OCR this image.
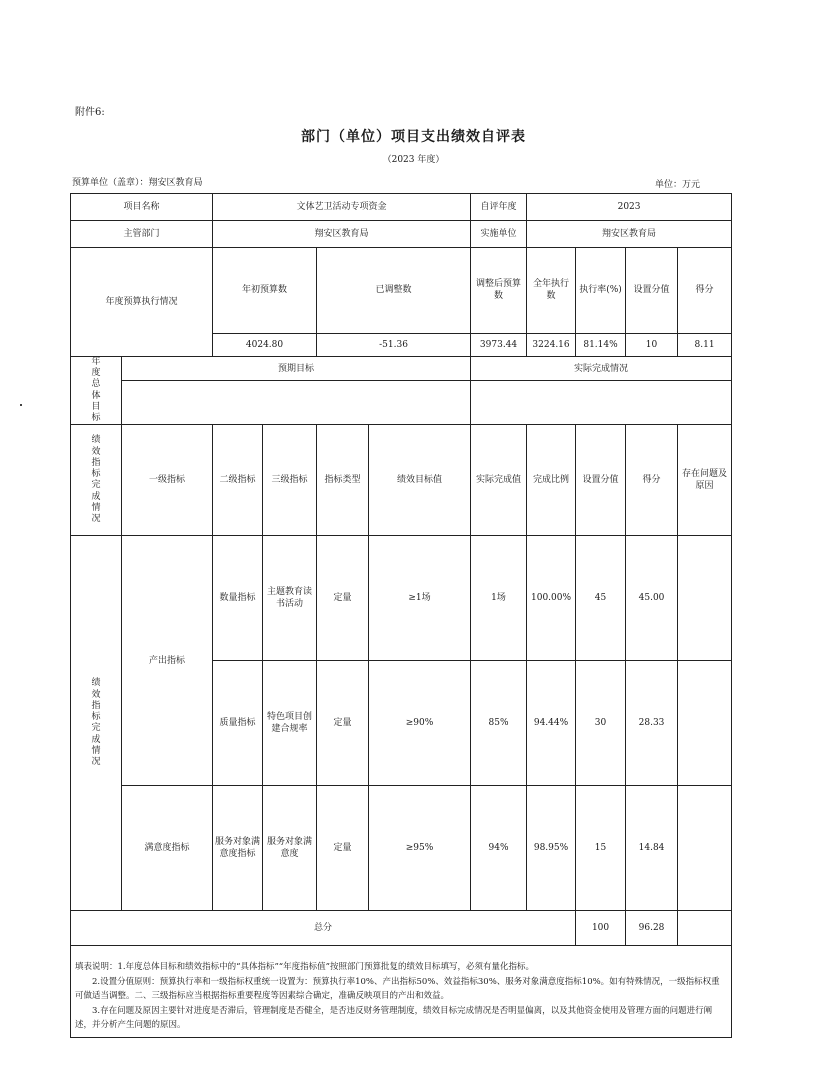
附件6:
部门（单位）项目支出绩效自评表
（2023 年度）
预算单位（盖章）：翔安区教育局	单位：万元
项目名称		文体艺卫活动专项资金				自评年度	2023				
主管部门		翔安区教育局				实施单位	翔安区教育局				
年度预算执行情况		年初预算数		已调整数		调整后预算数	全年执行数	执行率(%)	设置分值	得分	
		4024.80		-51.36		3973.44	3224.16	81.14%	10	8.11	
年度总体目标	预期目标					实际完成情况					

绩效指标完成情况	一级指标	二级指标	三级指标	指标类型	绩效目标值	实际完成值	完成比例	设置分值	得分	存在问题及原因	
绩效指标完成情况	产出指标	数量指标	主题教育读书活动	定量	≥1场	1场	100.00%	45	45.00		
		质量指标	特色项目创建合规率	定量	≥90%	85%	94.44%	30	28.33		
	满意度指标	服务对象满意度指标	服务对象满意度	定量	≥95%	94%	98.95%	15	14.84		
总分								100	96.28		

填表说明：1.年度总体目标和绩效指标中的“具体指标”“年度指标值”按照部门预算批复的绩效目标填写，必须有量化指标。

2.设置分值原则：预算执行率和一级指标权重统一设置为：预算执行率10%、产出指标50%、效益指标30%、服务对象满意度指标10%。如有特殊情况，一级指标权重可做适当调整。二、三级指标应当根据指标重要程度等因素综合确定，准确反映项目的产出和效益。

3.存在问题及原因主要针对进度是否滞后，管理制度是否健全，是否违反财务管理制度，绩效目标完成情况是否明显偏离，以及其他资金使用及管理方面的问题进行阐述，并分析产生问题的原因。											
